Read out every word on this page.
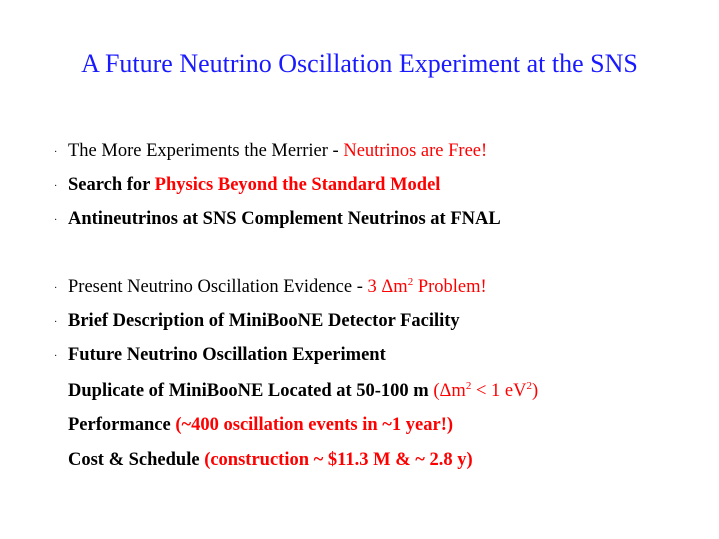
A Future Neutrino Oscillation Experiment at the SNS
· The More Experiments the Merrier - Neutrinos are Free!
· Search for Physics Beyond the Standard Model
· Antineutrinos at SNS Complement Neutrinos at FNAL
· Present Neutrino Oscillation Evidence - 3 $\Delta m^2$ Problem!
· Brief Description of MiniBooNE Detector Facility
· Future Neutrino Oscillation Experiment
Duplicate of MiniBooNE Located at 50-100 m ($\Delta m^2 < 1$ $eV^2$)
Performance (~400 oscillation events in ~1 year!)
Cost & Schedule (construction ~ $11.3 M & ~ 2.8 y)
